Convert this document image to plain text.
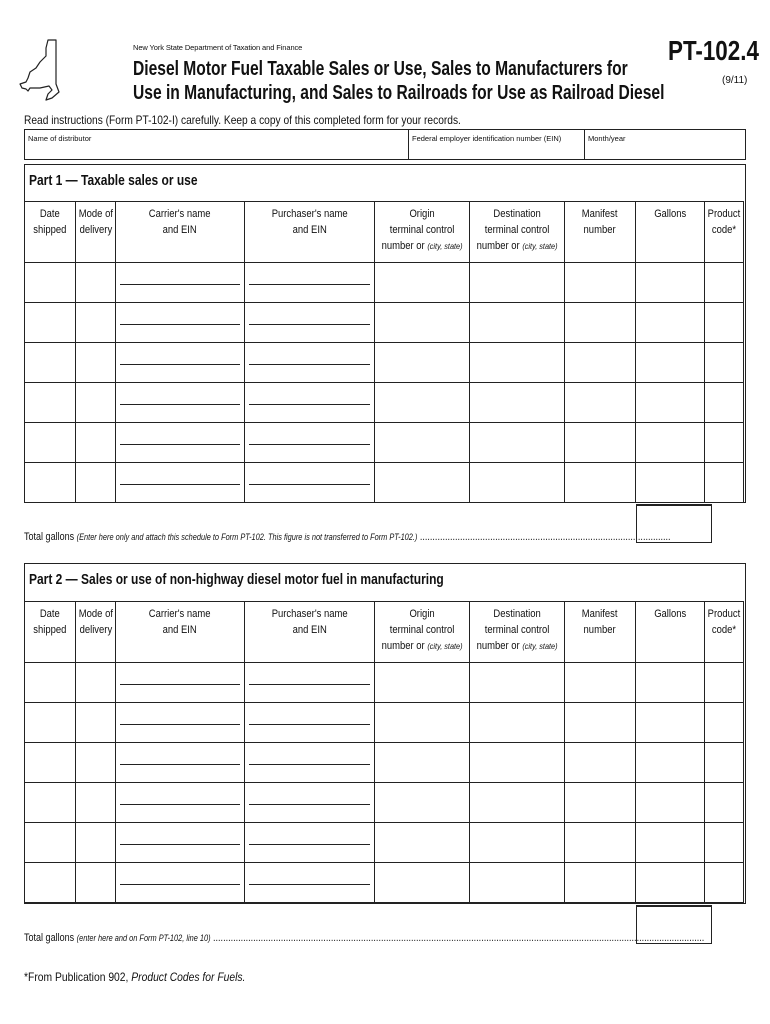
New York State Department of Taxation and Finance
Diesel Motor Fuel Taxable Sales or Use, Sales to Manufacturers for
Use in Manufacturing, and Sales to Railroads for Use as Railroad Diesel
PT-102.4
(9/11)
Read instructions (Form PT-102-I) carefully. Keep a copy of this completed form for your records.
Name of distributor	Federal employer identification number (EIN)	Month/year
Part 1 — Taxable sales or use
Date
shipped	Mode of
delivery	Carrier's name
and EIN	Purchaser's name
and EIN	Origin
terminal control
number or (city, state)	Destination
terminal control
number or (city, state)	Manifest
number	Gallons	Product
code*

Total gallons (Enter here only and attach this schedule to Form PT-102. This figure is not transferred to Form PT-102.) ....................................................................................................
Part 2 — Sales or use of non-highway diesel motor fuel in manufacturing
Date
shipped	Mode of
delivery	Carrier's name
and EIN	Purchaser's name
and EIN	Origin
terminal control
number or (city, state)	Destination
terminal control
number or (city, state)	Manifest
number	Gallons	Product
code*

Total gallons (enter here and on Form PT-102, line 10) ....................................................................................................................................................................................................
*From Publication 902, Product Codes for Fuels.
